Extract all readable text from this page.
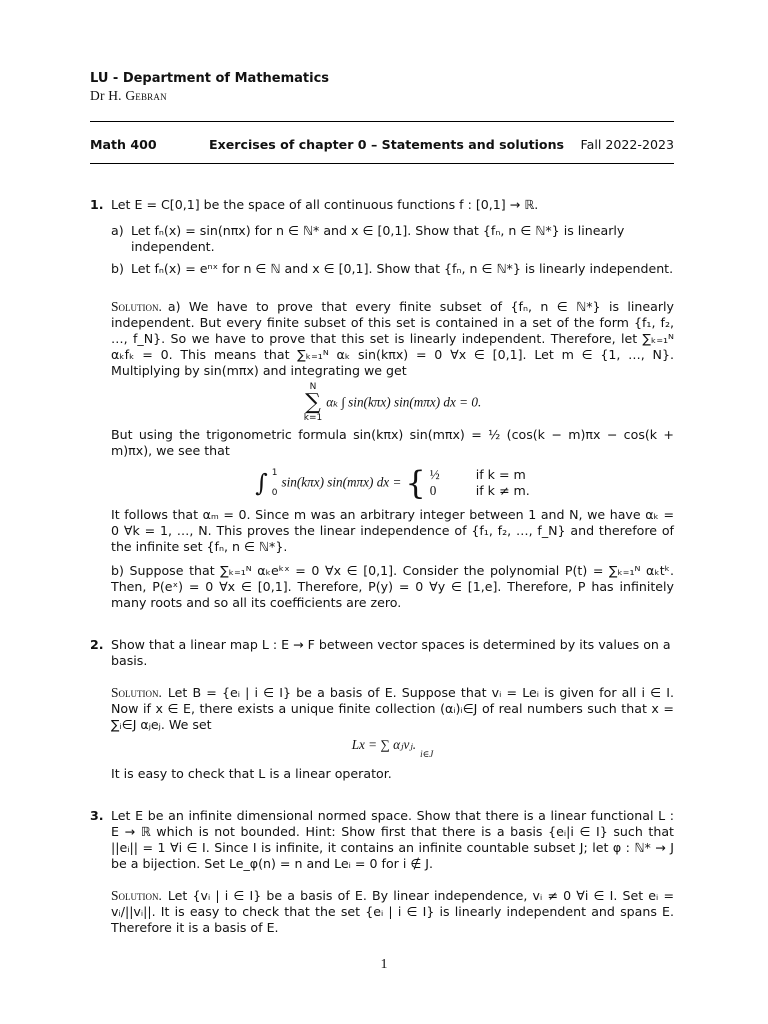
LU - Department of Mathematics
Dr H. Gebran
Math 400	Exercises of chapter 0 – Statements and solutions Fall 2022-2023
1. Let E = C[0,1] be the space of all continuous functions f : [0,1] → ℝ.
a) Let fₙ(x) = sin(nπx) for n ∈ ℕ* and x ∈ [0,1]. Show that {fₙ, n ∈ ℕ*} is linearly independent.
b) Let fₙ(x) = eⁿˣ for n ∈ ℕ and x ∈ [0,1]. Show that {fₙ, n ∈ ℕ*} is linearly independent.

Solution. a) We have to prove that every finite subset of {fₙ, n ∈ ℕ*} is linearly independent. But every finite subset of this set is contained in a set of the form {f₁, f₂, …, f_N}. So we have to prove that this set is linearly independent. Therefore, let ∑ₖ₌₁ᴺ αₖfₖ = 0. This means that ∑ₖ₌₁ᴺ αₖ sin(kπx) = 0 ∀x ∈ [0,1]. Let m ∈ {1, …, N}. Multiplying by sin(mπx) and integrating we get

N
∑
k=1 αₖ ∫ sin(kπx) sin(mπx) dx = 0.

But using the trigonometric formula sin(kπx) sin(mπx) = ½ (cos(k − m)πx − cos(k + m)πx), we see that

∫ 1
0
sin(kπx) sin(mπx) dx = { ½	if k = m
0	if k ≠ m.

It follows that αₘ = 0. Since m was an arbitrary integer between 1 and N, we have αₖ = 0 ∀k = 1, …, N. This proves the linear independence of {f₁, f₂, …, f_N} and therefore of the infinite set {fₙ, n ∈ ℕ*}.

b) Suppose that ∑ₖ₌₁ᴺ αₖeᵏˣ = 0 ∀x ∈ [0,1]. Consider the polynomial P(t) = ∑ₖ₌₁ᴺ αₖtᵏ. Then, P(eˣ) = 0 ∀x ∈ [0,1]. Therefore, P(y) = 0 ∀y ∈ [1,e]. Therefore, P has infinitely many roots and so all its coefficients are zero.

2. Show that a linear map L : E → F between vector spaces is determined by its values on a basis.

Solution. Let B = {eᵢ | i ∈ I} be a basis of E. Suppose that vᵢ = Leᵢ is given for all i ∈ I. Now if x ∈ E, there exists a unique finite collection (αᵢ)ᵢ∈J of real numbers such that x = ∑ᵢ∈J αⱼeⱼ. We set

Lx = ∑ αⱼvⱼ. $_{i\in J}$

It is easy to check that L is a linear operator.

3. Let E be an infinite dimensional normed space. Show that there is a linear functional L : E → ℝ which is not bounded. Hint: Show first that there is a basis {eᵢ|i ∈ I} such that ||eᵢ|| = 1 ∀i ∈ I. Since I is infinite, it contains an infinite countable subset J; let φ : ℕ* → J be a bijection. Set Le_φ(n) = n and Leᵢ = 0 for i ∉ J.

Solution. Let {vᵢ | i ∈ I} be a basis of E. By linear independence, vᵢ ≠ 0 ∀i ∈ I. Set eᵢ = vᵢ/||vᵢ||. It is easy to check that the set {eᵢ | i ∈ I} is linearly independent and spans E. Therefore it is a basis of E.

1
